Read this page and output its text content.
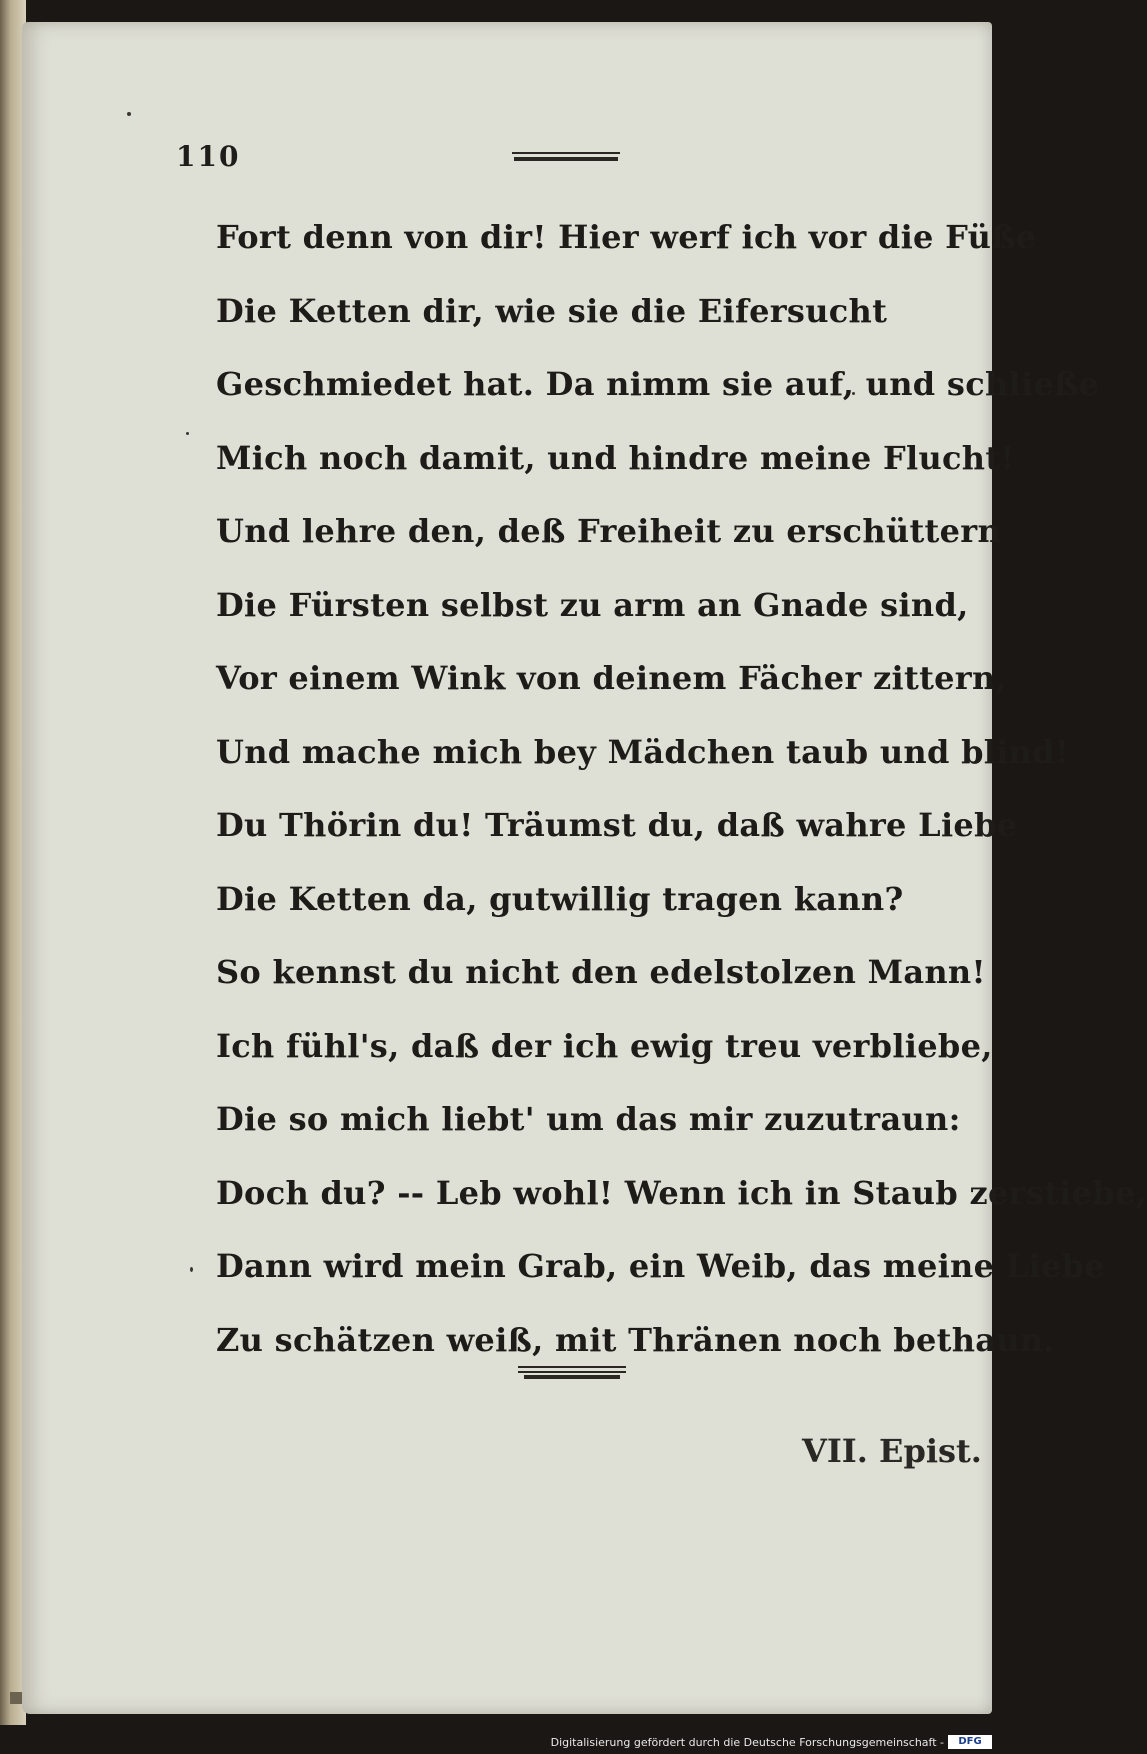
110
Fort denn von dir! Hier werf ich vor die Füße
Die Ketten dir, wie sie die Eifersucht
Geschmiedet hat. Da nimm sie auf, und schließe
Mich noch damit, und hindre meine Flucht!
Und lehre den, deß Freiheit zu erschüttern
Die Fürsten selbst zu arm an Gnade sind,
Vor einem Wink von deinem Fächer zittern,
Und mache mich bey Mädchen taub und blind!
Du Thörin du! Träumst du, daß wahre Liebe
Die Ketten da, gutwillig tragen kann?
So kennst du nicht den edelstolzen Mann!
Ich fühl's, daß der ich ewig treu verbliebe,
Die so mich liebt' um das mir zuzutraun:
Doch du? -- Leb wohl! Wenn ich in Staub zerstiebe,
Dann wird mein Grab, ein Weib, das meine Liebe
Zu schätzen weiß, mit Thränen noch bethaun.
VII. Epist.
Digitalisierung gefördert durch die Deutsche Forschungsgemeinschaft -	DFG
